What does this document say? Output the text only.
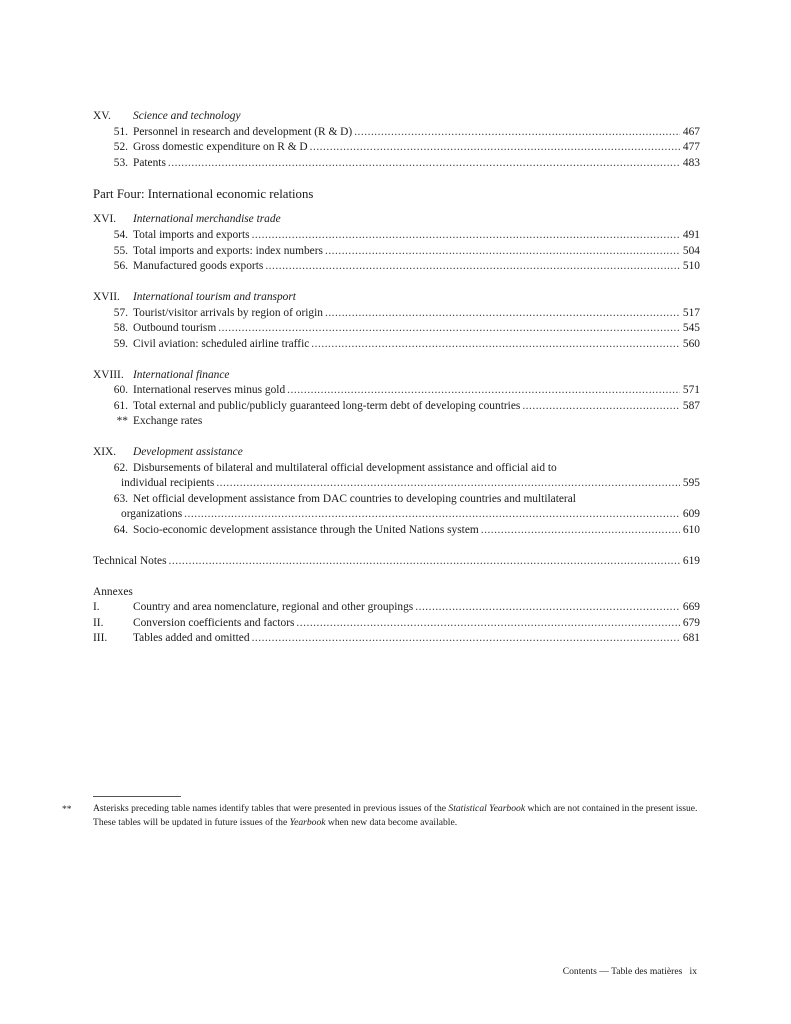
XV. Science and technology
51. Personnel in research and development (R & D) .....	467
52. Gross domestic expenditure on R & D .....	477
53. Patents .....	483
Part Four: International economic relations
XVI. International merchandise trade
54. Total imports and exports .....	491
55. Total imports and exports: index numbers .....	504
56. Manufactured goods exports .....	510
XVII. International tourism and transport
57. Tourist/visitor arrivals by region of origin .....	517
58. Outbound tourism .....	545
59. Civil aviation: scheduled airline traffic .....	560
XVIII. International finance
60. International reserves minus gold .....	571
61. Total external and public/publicly guaranteed long-term debt of developing countries .....	587
** Exchange rates
XIX. Development assistance
62. Disbursements of bilateral and multilateral official development assistance and official aid to
individual recipients .....	595
63. Net official development assistance from DAC countries to developing countries and multilateral
organizations .....	609
64. Socio-economic development assistance through the United Nations system .....	610
Technical Notes .....	619
Annexes
I.	Country and area nomenclature, regional and other groupings .....	669
II.	Conversion coefficients and factors .....	679
III. Tables added and omitted .....	681
** Asterisks preceding table names identify tables that were presented in previous issues of the Statistical Yearbook which are not contained in the present issue. These tables will be updated in future issues of the Yearbook when new data become available.
Contents — Table des matières ix
